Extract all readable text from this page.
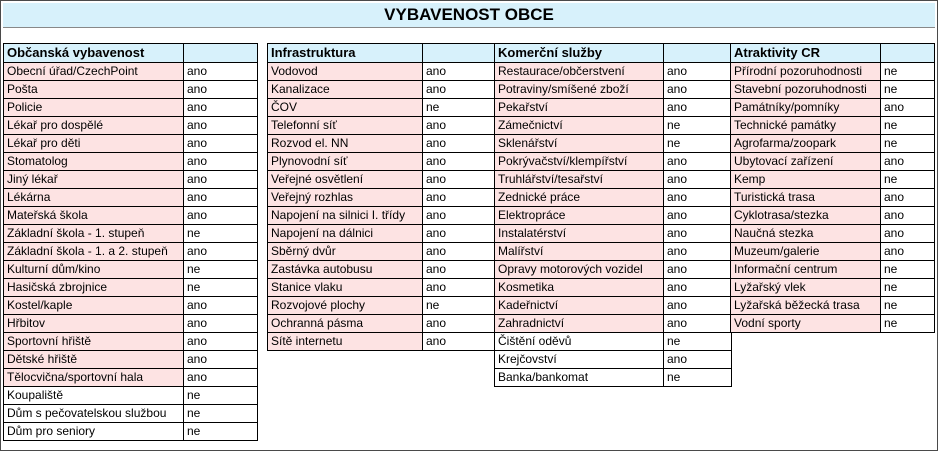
VYBAVENOST OBCE
Občanská vybavenost	
Obecní úřad/CzechPoint	ano
Pošta	ano
Policie	ano
Lékař pro dospělé	ano
Lékař pro děti	ano
Stomatolog	ano
Jiný lékař	ano
Lékárna	ano
Mateřská škola	ano
Základní škola - 1. stupeň	ne
Základní škola - 1. a 2. stupeň	ano
Kulturní dům/kino	ne
Hasičská zbrojnice	ne
Kostel/kaple	ano
Hřbitov	ano
Sportovní hřiště	ano
Dětské hřiště	ano
Tělocvična/sportovní hala	ano
Koupaliště	ne
Dům s pečovatelskou službou	ne
Dům pro seniory	ne
Infrastruktura	
Vodovod	ano
Kanalizace	ano
ČOV	ne
Telefonní síť	ano
Rozvod el. NN	ano
Plynovodní síť	ano
Veřejné osvětlení	ano
Veřejný rozhlas	ano
Napojení na silnici I. třídy	ano
Napojení na dálnici	ano
Sběrný dvůr	ano
Zastávka autobusu	ano
Stanice vlaku	ano
Rozvojové plochy	ne
Ochranná pásma	ano
Sítě internetu	ano
Komerční služby	
Restaurace/občerstvení	ano
Potraviny/smíšené zboží	ano
Pekařství	ano
Zámečnictví	ne
Sklenářství	ne
Pokrývačství/klempířství	ano
Truhlářství/tesařství	ano
Zednické práce	ano
Elektropráce	ano
Instalatérství	ano
Malířství	ano
Opravy motorových vozidel	ano
Kosmetika	ano
Kadeřnictví	ano
Zahradnictví	ano
Čištění oděvů	ne
Krejčovství	ano
Banka/bankomat	ne
Atraktivity CR	
Přírodní pozoruhodnosti	ne
Stavební pozoruhodnosti	ne
Památníky/pomníky	ano
Technické památky	ne
Agrofarma/zoopark	ne
Ubytovací zařízení	ano
Kemp	ne
Turistická trasa	ano
Cyklotrasa/stezka	ano
Naučná stezka	ano
Muzeum/galerie	ano
Informační centrum	ne
Lyžařský vlek	ne
Lyžařská běžecká trasa	ne
Vodní sporty	ne
